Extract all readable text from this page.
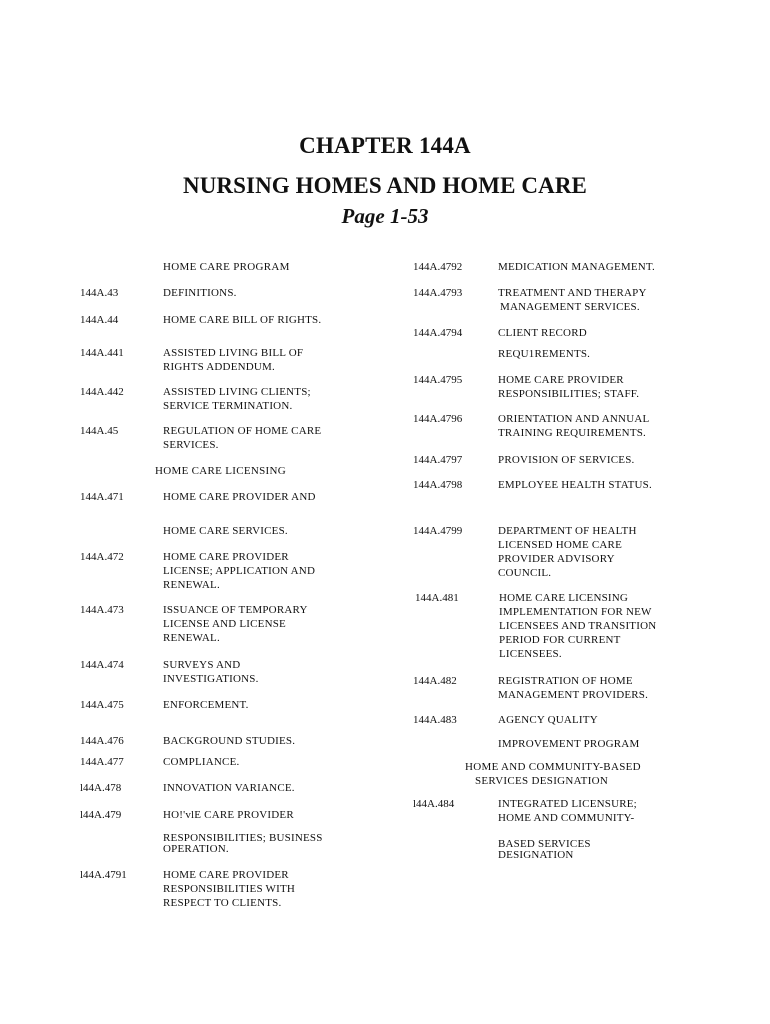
CHAPTER 144A
NURSING HOMES AND HOME CARE
Page 1-53
HOME CARE PROGRAM
144A.43	DEFINITIONS.
144A.44	HOME CARE BILL OF RIGHTS.
144A.441	ASSISTED LIVING BILL OF
RIGHTS ADDENDUM.
144A.442	ASSISTED LIVING CLIENTS;
SERVICE TERMINATION.
144A.45	REGULATION OF HOME CARE
SERVICES.
HOME CARE LICENSING
144A.471	HOME CARE PROVIDER AND
HOME CARE SERVICES.
144A.472	HOME CARE PROVIDER
LICENSE; APPLICATION AND
RENEWAL.
144A.473	ISSUANCE OF TEMPORARY
LICENSE AND LICENSE
RENEWAL.
144A.474	SURVEYS AND
INVESTIGATIONS.
144A.475	ENFORCEMENT.
144A.476	BACKGROUND STUDIES.
144A.477	COMPLIANCE.
l44A.478	INNOVATION VARIANCE.
l44A.479	HO!'vlE CARE PROVIDER
RESPONSIBILITIES; BUSINESS
OPERATION.
l44A.4791	HOME CARE PROVIDER
RESPONSIBILITIES WITH
RESPECT TO CLIENTS.
144A.4792	MEDICATION MANAGEMENT.
144A.4793	TREATMENT AND THERAPY
MANAGEMENT SERVICES.
144A.4794	CLIENT RECORD
REQU1REMENTS.
144A.4795	HOME CARE PROVIDER
RESPONSIBILITIES; STAFF.
144A.4796	ORIENTATION AND ANNUAL
TRAINING REQUIREMENTS.
144A.4797	PROVISION OF SERVICES.
144A.4798	EMPLOYEE HEALTH STATUS.
144A.4799	DEPARTMENT OF HEALTH
LICENSED HOME CARE
PROVIDER ADVISORY
COUNCIL.
144A.481	HOME CARE LICENSING
IMPLEMENTATION FOR NEW
LICENSEES AND TRANSITION
PERIOD FOR CURRENT
LICENSEES.
144A.482	REGISTRATION OF HOME
MANAGEMENT PROVIDERS.
144A.483	AGENCY QUALITY
IMPROVEMENT PROGRAM
HOME AND COMMUNITY-BASED
SERVICES DESIGNATION
l44A.484	INTEGRATED LICENSURE;
HOME AND COMMUNITY-
BASED SERVICES
DESIGNATION
